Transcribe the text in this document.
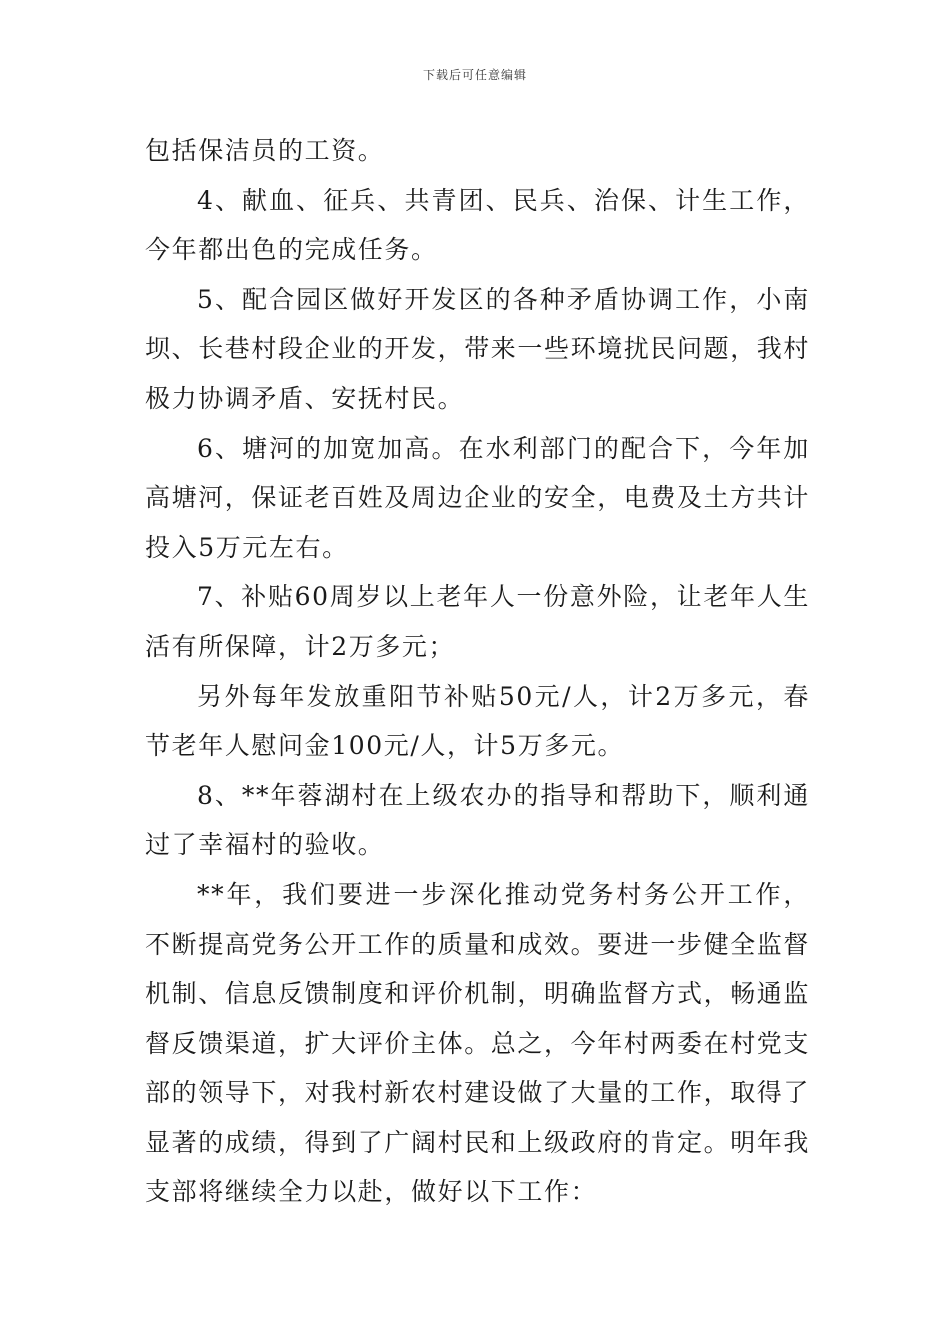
下载后可任意编辑

包括保洁员的工资。

4、献血、征兵、共青团、民兵、治保、计生工作，今年都出色的完成任务。

5、配合园区做好开发区的各种矛盾协调工作，小南坝、长巷村段企业的开发，带来一些环境扰民问题，我村极力协调矛盾、安抚村民。

6、塘河的加宽加高。在水利部门的配合下，今年加高塘河，保证老百姓及周边企业的安全，电费及土方共计投入5万元左右。

7、补贴60周岁以上老年人一份意外险，让老年人生活有所保障，计2万多元；

另外每年发放重阳节补贴50元/人，计2万多元，春节老年人慰问金100元/人，计5万多元。

8、**年蓉湖村在上级农办的指导和帮助下，顺利通过了幸福村的验收。

**年，我们要进一步深化推动党务村务公开工作，不断提高党务公开工作的质量和成效。要进一步健全监督机制、信息反馈制度和评价机制，明确监督方式，畅通监督反馈渠道，扩大评价主体。总之，今年村两委在村党支部的领导下，对我村新农村建设做了大量的工作，取得了显著的成绩，得到了广阔村民和上级政府的肯定。明年我支部将继续全力以赴，做好以下工作：
